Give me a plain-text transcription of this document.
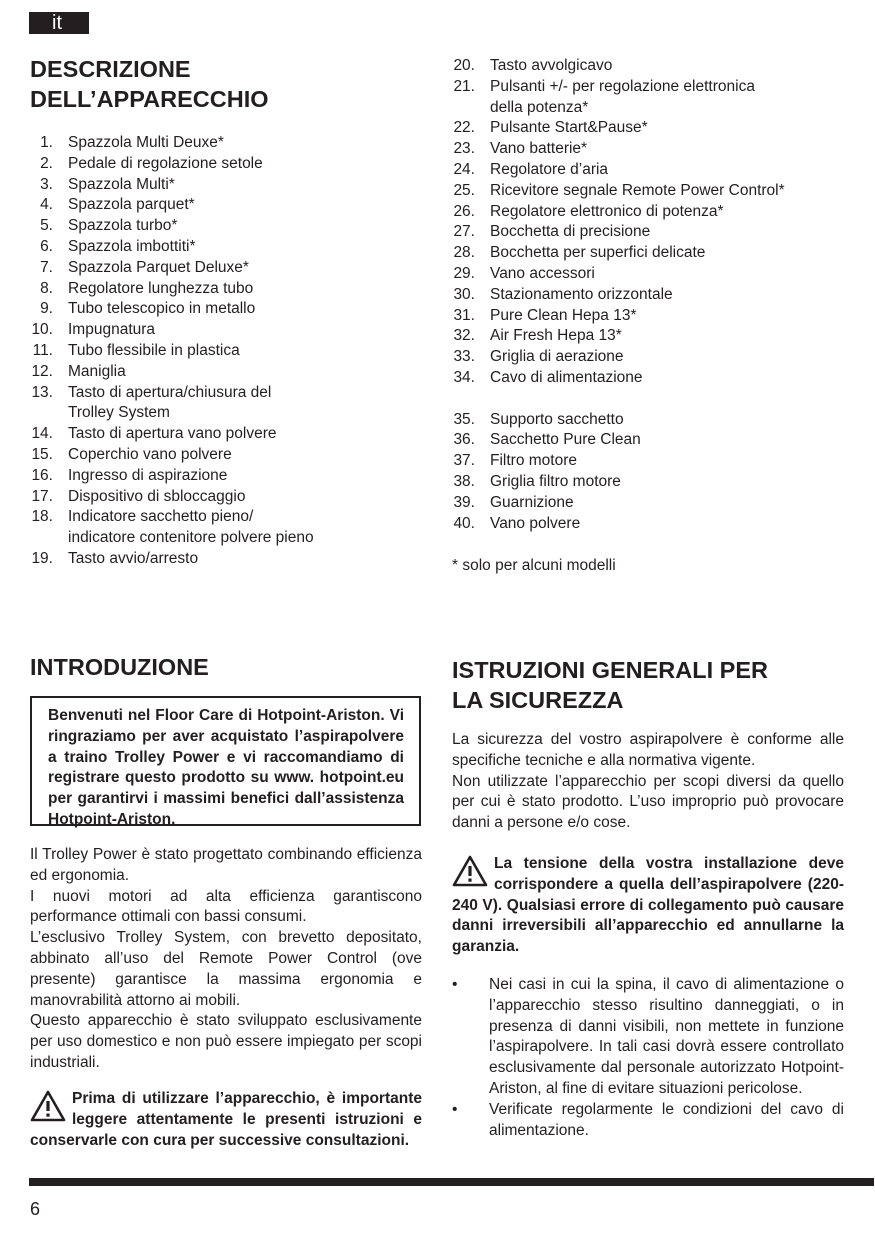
it
DESCRIZIONE
DELL’APPARECCHIO
1. Spazzola Multi Deuxe*
2. Pedale di regolazione setole
3. Spazzola Multi*
4. Spazzola parquet*
5. Spazzola turbo*
6. Spazzola imbottiti*
7. Spazzola Parquet Deluxe*
8. Regolatore lunghezza tubo
9. Tubo telescopico in metallo
10. Impugnatura
11. Tubo flessibile in plastica
12. Maniglia
13. Tasto di apertura/chiusura del
Trolley System
14. Tasto di apertura vano polvere
15. Coperchio vano polvere
16. Ingresso di aspirazione
17. Dispositivo di sbloccaggio
18. Indicatore sacchetto pieno/
indicatore contenitore polvere pieno
19. Tasto avvio/arresto
20. Tasto avvolgicavo
21. Pulsanti +/- per regolazione elettronica
della potenza*
22. Pulsante Start&Pause*
23. Vano batterie*
24. Regolatore d’aria
25. Ricevitore segnale Remote Power Control*
26. Regolatore elettronico di potenza*
27. Bocchetta di precisione
28. Bocchetta per superfici delicate
29. Vano accessori
30. Stazionamento orizzontale
31. Pure Clean Hepa 13*
32. Air Fresh Hepa 13*
33. Griglia di aerazione
34. Cavo di alimentazione
35. Supporto sacchetto
36. Sacchetto Pure Clean
37. Filtro motore
38. Griglia filtro motore
39. Guarnizione
40. Vano polvere
* solo per alcuni modelli
INTRODUZIONE
Benvenuti nel Floor Care di Hotpoint-Ariston. Vi ringraziamo per aver acquistato l’aspirapolvere a traino Trolley Power e vi raccomandiamo di registrare questo prodotto su www. hotpoint.eu per garantirvi i massimi benefici dall’assistenza Hotpoint-Ariston.
Il Trolley Power è stato progettato combinando efficienza ed ergonomia.
I nuovi motori ad alta efficienza garantiscono performance ottimali con bassi consumi.
L’esclusivo Trolley System, con brevetto depositato, abbinato all’uso del Remote Power Control (ove presente) garantisce la massima ergonomia e manovrabilità attorno ai mobili.
Questo apparecchio è stato sviluppato esclusivamente per uso domestico e non può essere impiegato per scopi industriali.
Prima di utilizzare l’apparecchio, è importante leggere attentamente le presenti istruzioni e conservarle con cura per successive consultazioni.
ISTRUZIONI GENERALI PER
LA SICUREZZA
La sicurezza del vostro aspirapolvere è conforme alle specifiche tecniche e alla normativa vigente.
Non utilizzate l’apparecchio per scopi diversi da quello per cui è stato prodotto. L’uso improprio può provocare danni a persone e/o cose.
La tensione della vostra installazione deve corrispondere a quella dell’aspirapolvere (220-240 V). Qualsiasi errore di collegamento può causare danni irreversibili all’apparecchio ed annullarne la garanzia.
• Nei casi in cui la spina, il cavo di alimentazione o l’apparecchio stesso risultino danneggiati, o in presenza di danni visibili, non mettete in funzione l’aspirapolvere. In tali casi dovrà essere controllato esclusivamente dal personale autorizzato Hotpoint-Ariston, al fine di evitare situazioni pericolose.
• Verificate regolarmente le condizioni del cavo di alimentazione.
6
